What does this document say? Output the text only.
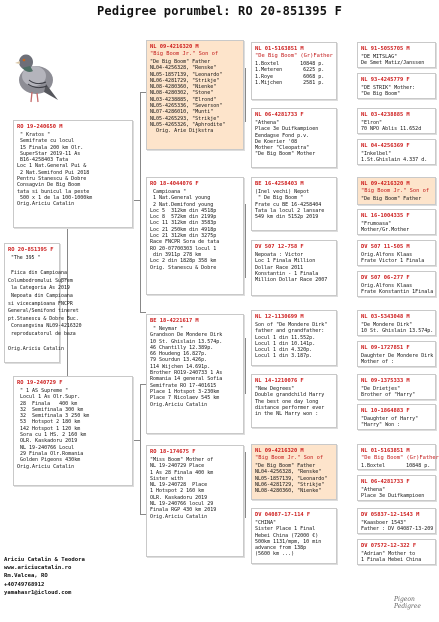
Pedigree porumbel: RO 20-851395 F
RO 20-851395 F
"The 395 "

Fiica din Campioana
Columbodromului Suprem
la Categoria As 2019
Nepoata din Campioana
si vicecampioana FNCPR
General/Semifond tineret
pt.Stanescu & Dobre Buc.
Consangvina NL09-4216320
reproducatorul de baza

Orig.Ariciu Catalin
RO 19-240650 M
" Kratos "
Semifrate cu locul
15 Finala 200 km Olr.
SuperStar 2019-11 As
B16-4258403 Tata
Loc 1 Nat.General Pui &
2 Nat.Semifond Pui 2018
Pentru Stanescu & Dobre
Consagvin De Big Boom
tata si bunicul la peste
500 x 1 de la 100-1000km
Orig.Ariciu Catalin
RO 19-240729 F
" 1 AS Supreme "
Locul 1 As Olr.Supr.
28  Finala   400 km
32  Semifinala 300 km
32  Semifinala 3 250 km
53  Hotspot 2 180 km
142 Hotspot 1 120 km
Sora cu 1 HS. 2 160 km
OLR. Kaskadoru 2019
NL 19-240766 Locul
29 Finala Olr.Romania
Golden Pigeons 430km
Orig.Ariciu Catalin
NL 09-4216320 M
"Big Boom Jr." Son of
"De Big Boom" Father
NL04-4256328, "Renske"
NL05-1857139, "Leonardo"
NL06-4281729, "Strikje"
NL08-4280360, "Nienke"
NL08-4280302, "Stone"
NL03-4238885, "Elrond"
NL05-4265336, "Severson"
NL07-4286010, "Munti"
NL05-4265293, "Strikje"
NL05-4265326, "Aphrodite"
Orig. Arie Dijkstra
RO 18-4044076 F
Campioana "
1 Nat.General young
2 Nat.Demifond young
Loc 5  312km din 4518p
Loc 8  572km din 2199p
Loc 11 312km din 3583p
Loc 21 250km din 4918p
Loc 21 312km din 3275p
Race FNCPR Sora de tata
RO 20-07700303 locul 1
din 3911p 278 km
Loc 2 din 1828p 358 km
Orig. Stanescu & Dobre
BE 18-4221617 M
" Neymar "
Grandson De Mondere Dirk
10 St. Ghislain 13.574p.
46 Chantilly 12.389p.
66 Houdeng 16.827p.
79 Sourdun 13.426p.
114 Wijchen 14.691p.
Brother RO19-240733 1 As
Romania 14 general Sofia
Semifrate RO 17-401615
Place 1 Hotspot 3-230km
Place 7 Nicolaev 545 km
Orig.Ariciu Catalin
RO 18-174675 F
"Miss Boom" Mother of
NL 19-240729 Place
1 As 28 Finala 400 km
Sister with
NL 19-240728  Place
1 Hotspot 2 160 km
OLR. Kaskadoru 2019
NL 19-240766 locul 29
Finala RGP 430 km 2019
Orig.Ariciu Catalin
NL 01-5163851 M
"De Big Boom" (Gr)Father
1.Boxtel       10848 p.
1.Meteren       6225 p.
1.Roye          6068 p.
1.Mijchen       2581 p.
NL 06-4281733 F
"Athena"
Place 3e Duifkampioen
Eendagse Fond p.v.
De Koerier '08
Mother "Cleopatra"
"De Big Boom" Mother
BE 16-4258403 M
(Inel vechi) Nepot
" De Big Boom "
Frate cu BE 16-4258404
Tata la locul 2 lansare
549 km din 5152p 2019
DV 507 12-758 F
Nepoata : Victor
Loc 1 Finala Million
Dollar Race 2011
Konstantin - 1 Finala
Million Dollar Race 2007
NL 12-1130699 M
Son of "De Mondere Dirk"
father and grandfather:
Locul 1 din 11.552p.
Locul 1 din 10.141p.
Locul 1 din 4.320p.
Locul 1 din 3.187p.
NL 14-1210076 F
"New Degrees"
Double grandchild Harry
The best one day long
distance performer ever
in the NL Harry won :
NL 09-4216320 M
"Big Boom Jr." Son of
"De Big Boom" Father
NL04-4256328, "Renske"
NL05-1857139, "Leonardo"
NL06-4281729, "Strikje"
NL08-4280360, "Nienke"
DV 04087-17-114 F
"CHINA"
Sister Place 1 Final
Hebei China (72000 €)
500km 1131/mpm, 10 min
advance from 138p
(5600 km ...)
NL 91-5055705 M
"DE MITSLAG"
De Smet Matiz/Janssen
NL 93-4245779 F
"DE STRIK" Mother:
"De Big Boom"
NL 03-4238885 M
"Elron"
70 NPO Ablis 11.652d
NL 04-4256369 F
"Inkelbel"
1.St.Ghislain 4.337 d.
NL 09-4216320 M
"Big Boom Jr." Son of
"De Big Boom" Father
NL 16-1004335 F
"Frumoasa"
Mother/Gr.Mother
DV 507 11-505 M
Orig.Alfons Klaas
Frate Victor 1 Finala
DV 507 06-277 F
Orig.Alfons Klaas
Frate Konstantin 1Finala
NL 03-5343048 M
"De Mondere Dirk"
10 St. Ghislain 13.574p.
NL 09-1727851 F
Daughter De Mondere Dirk
Mother of :
NL 09-1375333 M
"De Drietjes"
Brother of "Harry"
NL 10-1864883 F
"Daughter of Harry"
"Harry" Won :
NL 01-5163851 M
"De Big Boom" (Gr)Father
1.Boxtel       10848 p.
NL 06-4281733 F
"Athena"
Place 3e Duifkampioen
DV 05837-12-1543 M
"Kaasboer 1543"
Father : DV 04087-13-209
DV 07572-12-322 F
"Adrian" Mother to
1 Finala Hebei China
Ariciu Catalin & Teodora
www.ariciucatalin.ro
Rm.Valcea, RO
+40749768912
yamahasr1@icloud.com
Pigeon Pedigree
